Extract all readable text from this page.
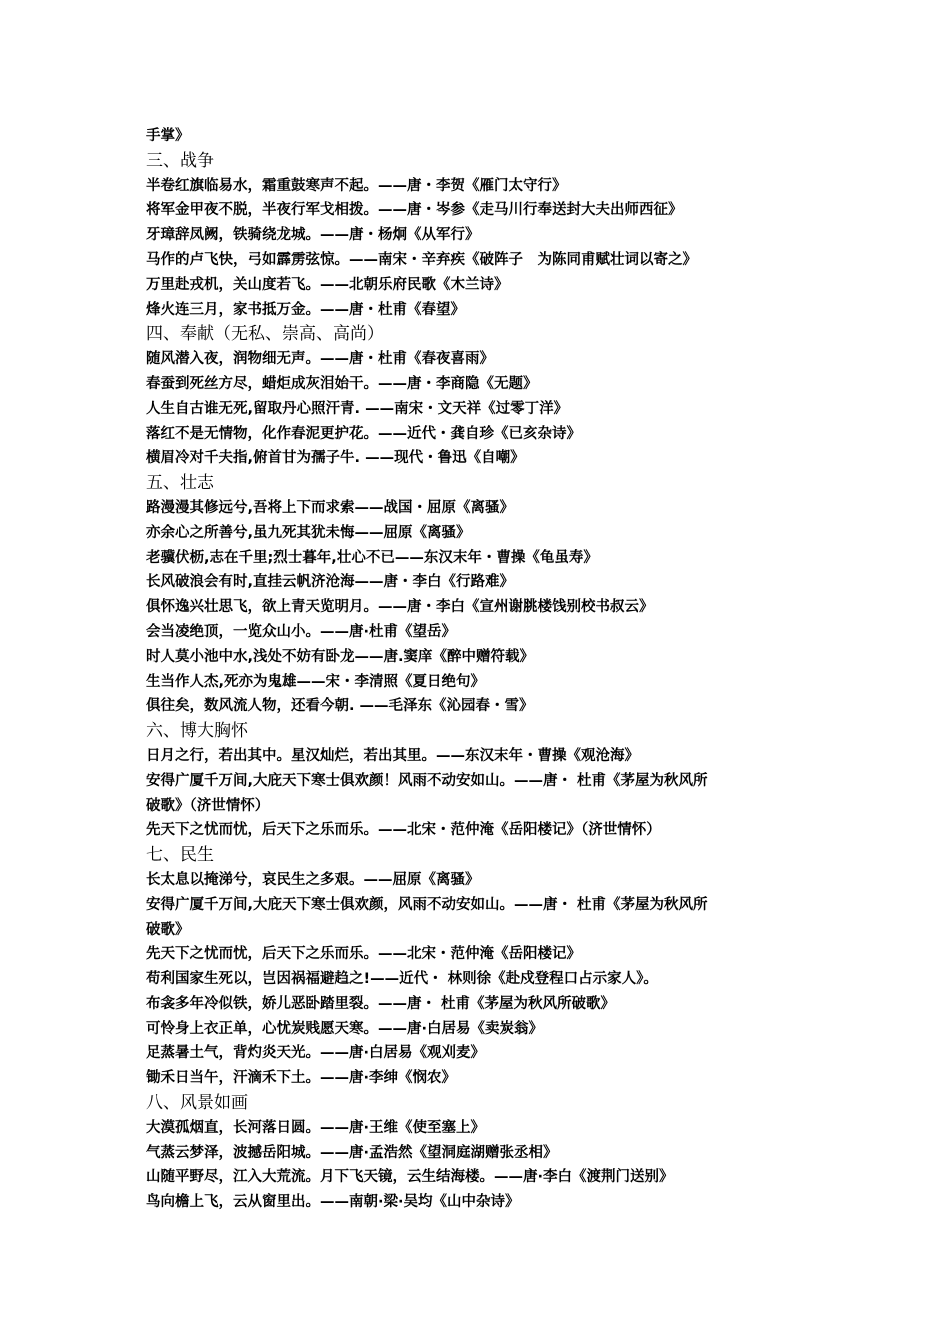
手掌》
三、战争
半卷红旗临易水，霜重鼓寒声不起。——唐・李贺《雁门太守行》
将军金甲夜不脱，半夜行军戈相拨。——唐・岑参《走马川行奉送封大夫出师西征》
牙璋辞凤阙，铁骑绕龙城。——唐・杨炯《从军行》
马作的卢飞快，弓如霹雳弦惊。——南宋・辛弃疾《破阵子　为陈同甫赋壮词以寄之》
万里赴戎机，关山度若飞。——北朝乐府民歌《木兰诗》
烽火连三月，家书抵万金。——唐・杜甫《春望》
四、奉献（无私、崇高、高尚）
随风潜入夜，润物细无声。——唐・杜甫《春夜喜雨》
春蚕到死丝方尽，蜡炬成灰泪始干。——唐・李商隐《无题》
人生自古谁无死,留取丹心照汗青. ——南宋・文天祥《过零丁洋》
落红不是无情物，化作春泥更护花。——近代・龚自珍《已亥杂诗》
横眉冷对千夫指,俯首甘为孺子牛. ——现代・鲁迅《自嘲》
五、壮志
路漫漫其修远兮,吾将上下而求索——战国・屈原《离骚》
亦余心之所善兮,虽九死其犹未悔——屈原《离骚》
老骥伏枥,志在千里;烈士暮年,壮心不已——东汉末年・曹操《龟虽寿》
长风破浪会有时,直挂云帆济沧海——唐・李白《行路难》
俱怀逸兴壮思飞，欲上青天览明月。——唐・李白《宣州谢脁楼饯别校书叔云》
会当凌绝顶，一览众山小。——唐·杜甫《望岳》
时人莫小池中水,浅处不妨有卧龙——唐.窦庠《醉中赠符载》
生当作人杰,死亦为鬼雄——宋・李清照《夏日绝句》
俱往矣，数风流人物，还看今朝. ——毛泽东《沁园春・雪》
六、博大胸怀
日月之行，若出其中。星汉灿烂，若出其里。——东汉末年・曹操《观沧海》
安得广厦千万间,大庇天下寒士俱欢颜！风雨不动安如山。——唐・ 杜甫《茅屋为秋风所
破歌》（济世情怀）
先天下之忧而忧，后天下之乐而乐。——北宋・范仲淹《岳阳楼记》（济世情怀）
七、民生
长太息以掩涕兮，哀民生之多艰。——屈原《离骚》
安得广厦千万间,大庇天下寒士俱欢颜，风雨不动安如山。——唐・ 杜甫《茅屋为秋风所
破歌》
先天下之忧而忧，后天下之乐而乐。——北宋・范仲淹《岳阳楼记》
苟利国家生死以，岂因祸福避趋之!——近代・ 林则徐《赴戍登程口占示家人》。
布衾多年冷似铁，娇儿恶卧踏里裂。——唐・ 杜甫《茅屋为秋风所破歌》
可怜身上衣正单，心忧炭贱愿天寒。——唐·白居易《卖炭翁》
足蒸暑土气，背灼炎天光。——唐·白居易《观刈麦》
锄禾日当午，汗滴禾下土。——唐·李绅《悯农》
八、风景如画
大漠孤烟直，长河落日圆。——唐·王维《使至塞上》
气蒸云梦泽，波撼岳阳城。——唐·孟浩然《望洞庭湖赠张丞相》
山随平野尽，江入大荒流。月下飞天镜，云生结海楼。——唐·李白《渡荆门送别》
鸟向檐上飞，云从窗里出。——南朝·梁·吴均《山中杂诗》
